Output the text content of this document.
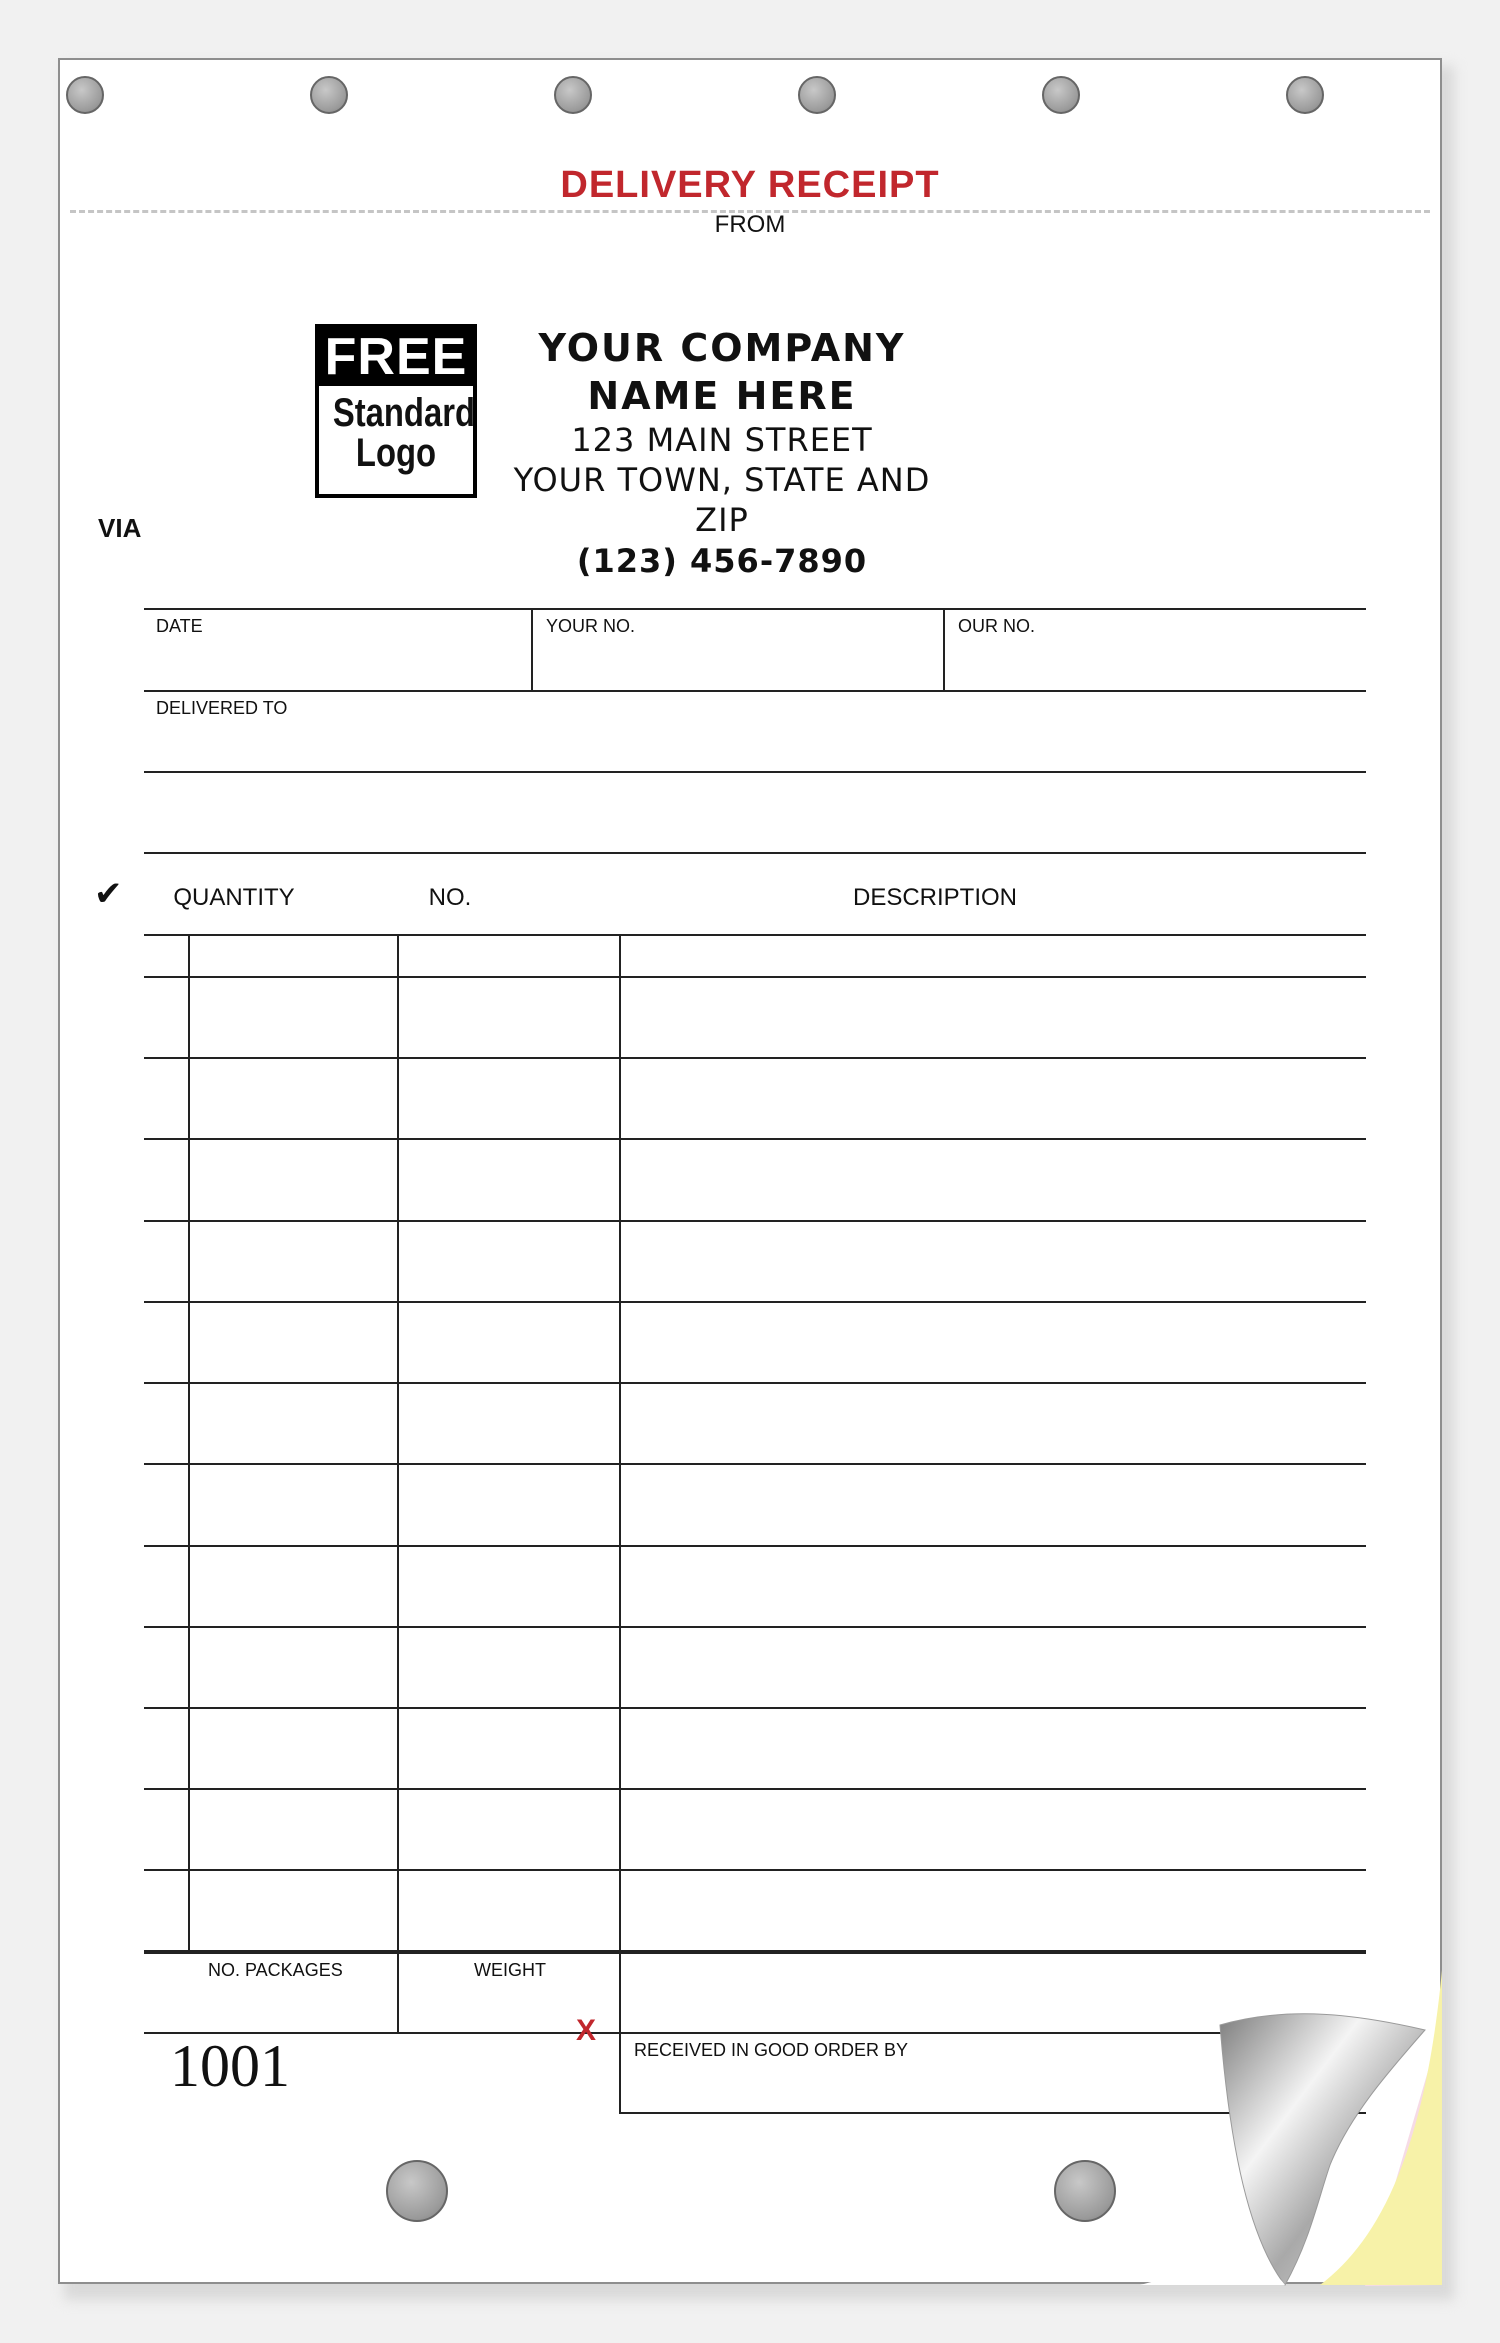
DELIVERY RECEIPT
FROM
FREE
Standard
Logo
YOUR COMPANY NAME HERE
123 MAIN STREET
YOUR TOWN, STATE AND ZIP
(123) 456-7890
VIA
DATE	YOUR NO.	OUR NO.
DELIVERED TO
✔	QUANTITY	NO.	DESCRIPTION
NO. PACKAGES	WEIGHT
RECEIVED IN GOOD ORDER BY
X
1001
